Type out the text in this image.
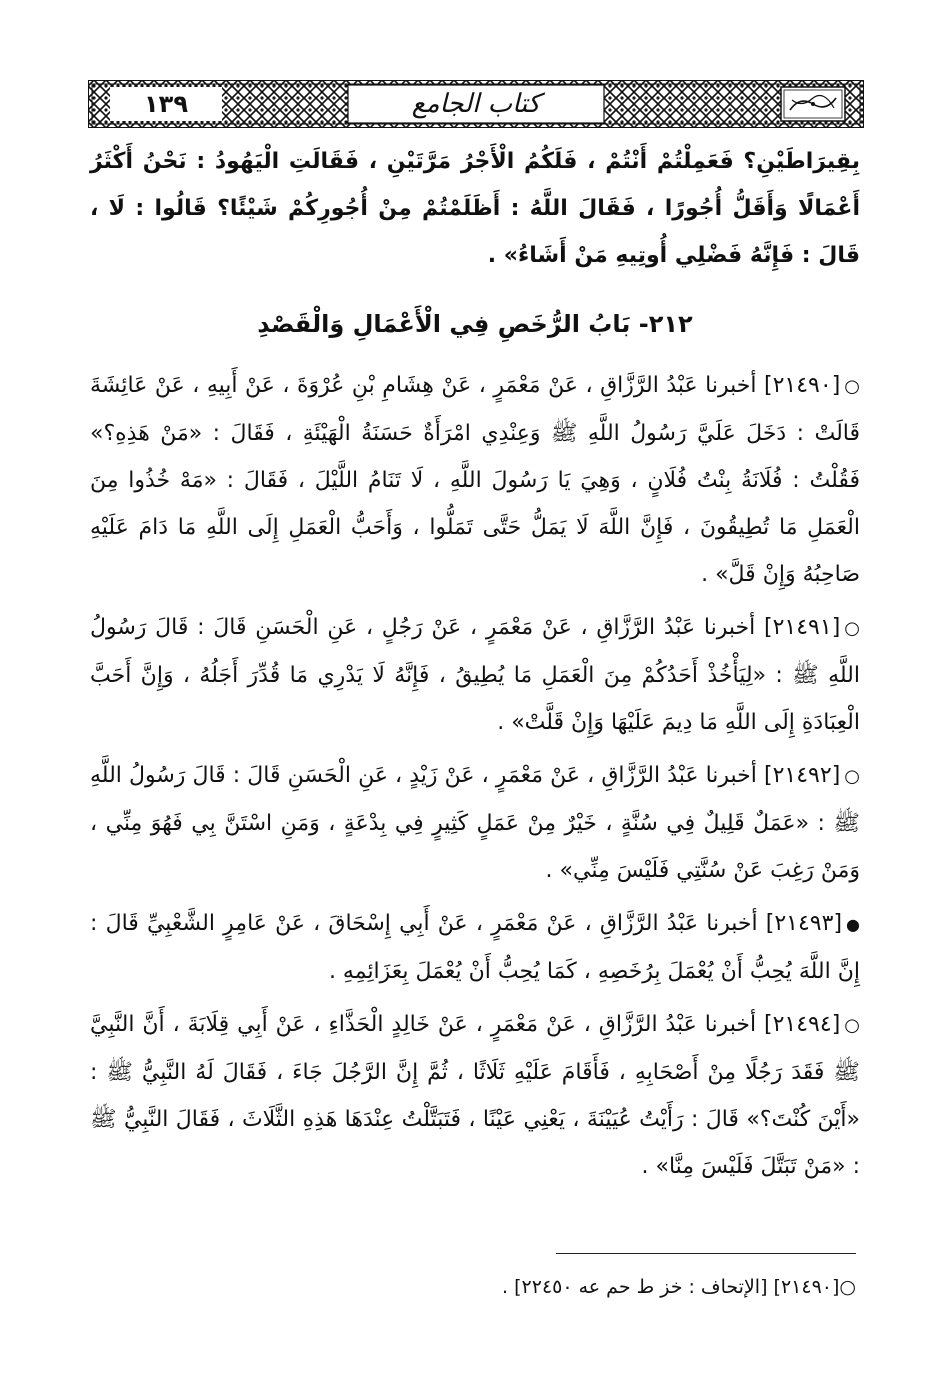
١٣٩	كتاب الجامع

بِقِيرَاطَيْنِ؟ فَعَمِلْتُمْ أَنْتُمْ ، فَلَكُمُ الْأَجْرُ مَرَّتَيْنِ ، فَقَالَتِ الْيَهُودُ : نَحْنُ أَكْثَرُ أَعْمَالًا وَأَقَلُّ أُجُورًا ، فَقَالَ اللَّهُ : أَظَلَمْتُمْ مِنْ أُجُورِكُمْ شَيْئًا؟ قَالُوا : لَا ، قَالَ : فَإِنَّهُ فَضْلِي أُوتِيهِ مَنْ أَشَاءُ» .

٢١٢- بَابُ الرُّخَصِ فِي الْأَعْمَالِ وَالْقَصْدِ

○[٢١٤٩٠] أخبرنا عَبْدُ الرَّزَّاقِ ، عَنْ مَعْمَرٍ ، عَنْ هِشَامِ بْنِ عُرْوَةَ ، عَنْ أَبِيهِ ، عَنْ عَائِشَةَ قَالَتْ : دَخَلَ عَلَيَّ رَسُولُ اللَّهِ ﷺ وَعِنْدِي امْرَأَةٌ حَسَنَةُ الْهَيْئَةِ ، فَقَالَ : «مَنْ هَذِهِ؟» فَقُلْتُ : فُلَانَةُ بِنْتُ فُلَانٍ ، وَهِيَ يَا رَسُولَ اللَّهِ ، لَا تَنَامُ اللَّيْلَ ، فَقَالَ : «مَهْ خُذُوا مِنَ الْعَمَلِ مَا تُطِيقُونَ ، فَإِنَّ اللَّهَ لَا يَمَلُّ حَتَّى تَمَلُّوا ، وَأَحَبُّ الْعَمَلِ إِلَى اللَّهِ مَا دَامَ عَلَيْهِ صَاحِبُهُ وَإِنْ قَلَّ» .

○[٢١٤٩١] أخبرنا عَبْدُ الرَّزَّاقِ ، عَنْ مَعْمَرٍ ، عَنْ رَجُلٍ ، عَنِ الْحَسَنِ قَالَ : قَالَ رَسُولُ اللَّهِ ﷺ : «لِيَأْخُذْ أَحَدُكُمْ مِنَ الْعَمَلِ مَا يُطِيقُ ، فَإِنَّهُ لَا يَدْرِي مَا قُدِّرَ أَجَلُهُ ، وَإِنَّ أَحَبَّ الْعِبَادَةِ إِلَى اللَّهِ مَا دِيمَ عَلَيْهَا وَإِنْ قَلَّتْ» .

○[٢١٤٩٢] أخبرنا عَبْدُ الرَّزَّاقِ ، عَنْ مَعْمَرٍ ، عَنْ زَيْدٍ ، عَنِ الْحَسَنِ قَالَ : قَالَ رَسُولُ اللَّهِ ﷺ : «عَمَلٌ قَلِيلٌ فِي سُنَّةٍ ، خَيْرٌ مِنْ عَمَلٍ كَثِيرٍ فِي بِدْعَةٍ ، وَمَنِ اسْتَنَّ بِي فَهُوَ مِنِّي ، وَمَنْ رَغِبَ عَنْ سُنَّتِي فَلَيْسَ مِنِّي» .

●[٢١٤٩٣] أخبرنا عَبْدُ الرَّزَّاقِ ، عَنْ مَعْمَرٍ ، عَنْ أَبِي إِسْحَاقَ ، عَنْ عَامِرٍ الشَّعْبِيِّ قَالَ : إِنَّ اللَّهَ يُحِبُّ أَنْ يُعْمَلَ بِرُخَصِهِ ، كَمَا يُحِبُّ أَنْ يُعْمَلَ بِعَزَائِمِهِ .

○[٢١٤٩٤] أخبرنا عَبْدُ الرَّزَّاقِ ، عَنْ مَعْمَرٍ ، عَنْ خَالِدٍ الْحَذَّاءِ ، عَنْ أَبِي قِلَابَةَ ، أَنَّ النَّبِيَّ ﷺ فَقَدَ رَجُلًا مِنْ أَصْحَابِهِ ، فَأَقَامَ عَلَيْهِ ثَلَاثًا ، ثُمَّ إِنَّ الرَّجُلَ جَاءَ ، فَقَالَ لَهُ النَّبِيُّ ﷺ : «أَيْنَ كُنْتَ؟» قَالَ : رَأَيْتُ عُيَيْنَةَ ، يَعْنِي عَيْنًا ، فَتَبَتَّلْتُ عِنْدَهَا هَذِهِ الثَّلَاثَ ، فَقَالَ النَّبِيُّ ﷺ : «مَنْ تَبَتَّلَ فَلَيْسَ مِنَّا» .

○[٢١٤٩٠] [الإتحاف : خز ط حم عه ٢٢٤٥٠] .
